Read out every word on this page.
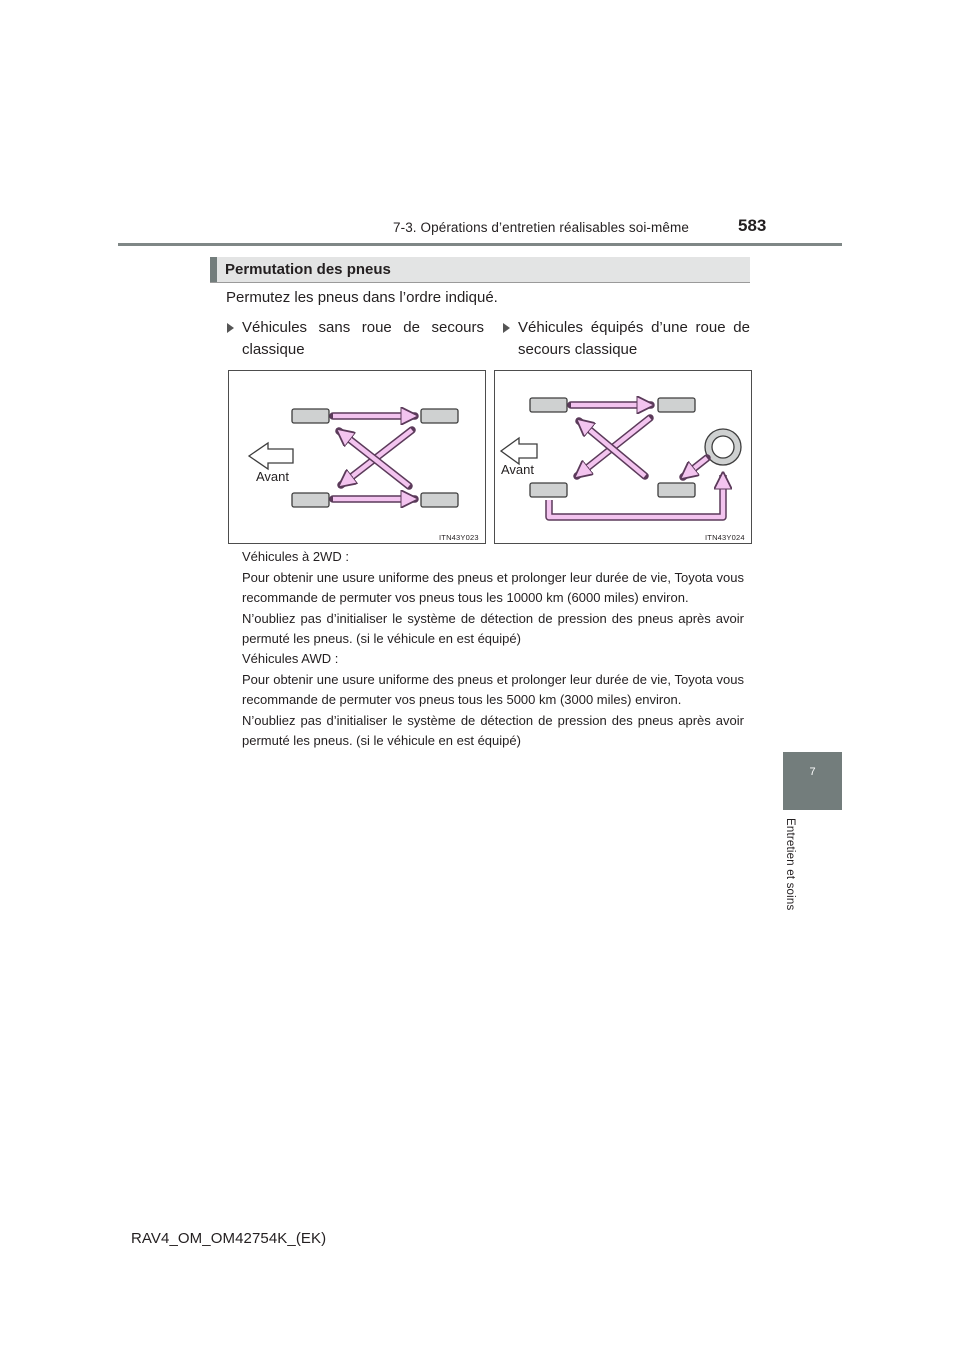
7-3. Opérations d’entretien réalisables soi-même	583
7
Entretien et soins
Permutation des pneus
Permutez les pneus dans l’ordre indiqué.
Véhicules sans roue de secours classique
Véhicules équipés d’une roue de secours classique
Avant
ITN43Y023
Avant
ITN43Y024

Véhicules à 2WD :

Pour obtenir une usure uniforme des pneus et prolonger leur durée de vie, Toyota vous recommande de permuter vos pneus tous les 10000 km (6000 miles) environ.

N’oubliez pas d’initialiser le système de détection de pression des pneus après avoir permuté les pneus. (si le véhicule en est équipé)

Véhicules AWD :

Pour obtenir une usure uniforme des pneus et prolonger leur durée de vie, Toyota vous recommande de permuter vos pneus tous les 5000 km (3000 miles) environ.

N’oubliez pas d’initialiser le système de détection de pression des pneus après avoir permuté les pneus. (si le véhicule en est équipé)

RAV4_OM_OM42754K_(EK)
